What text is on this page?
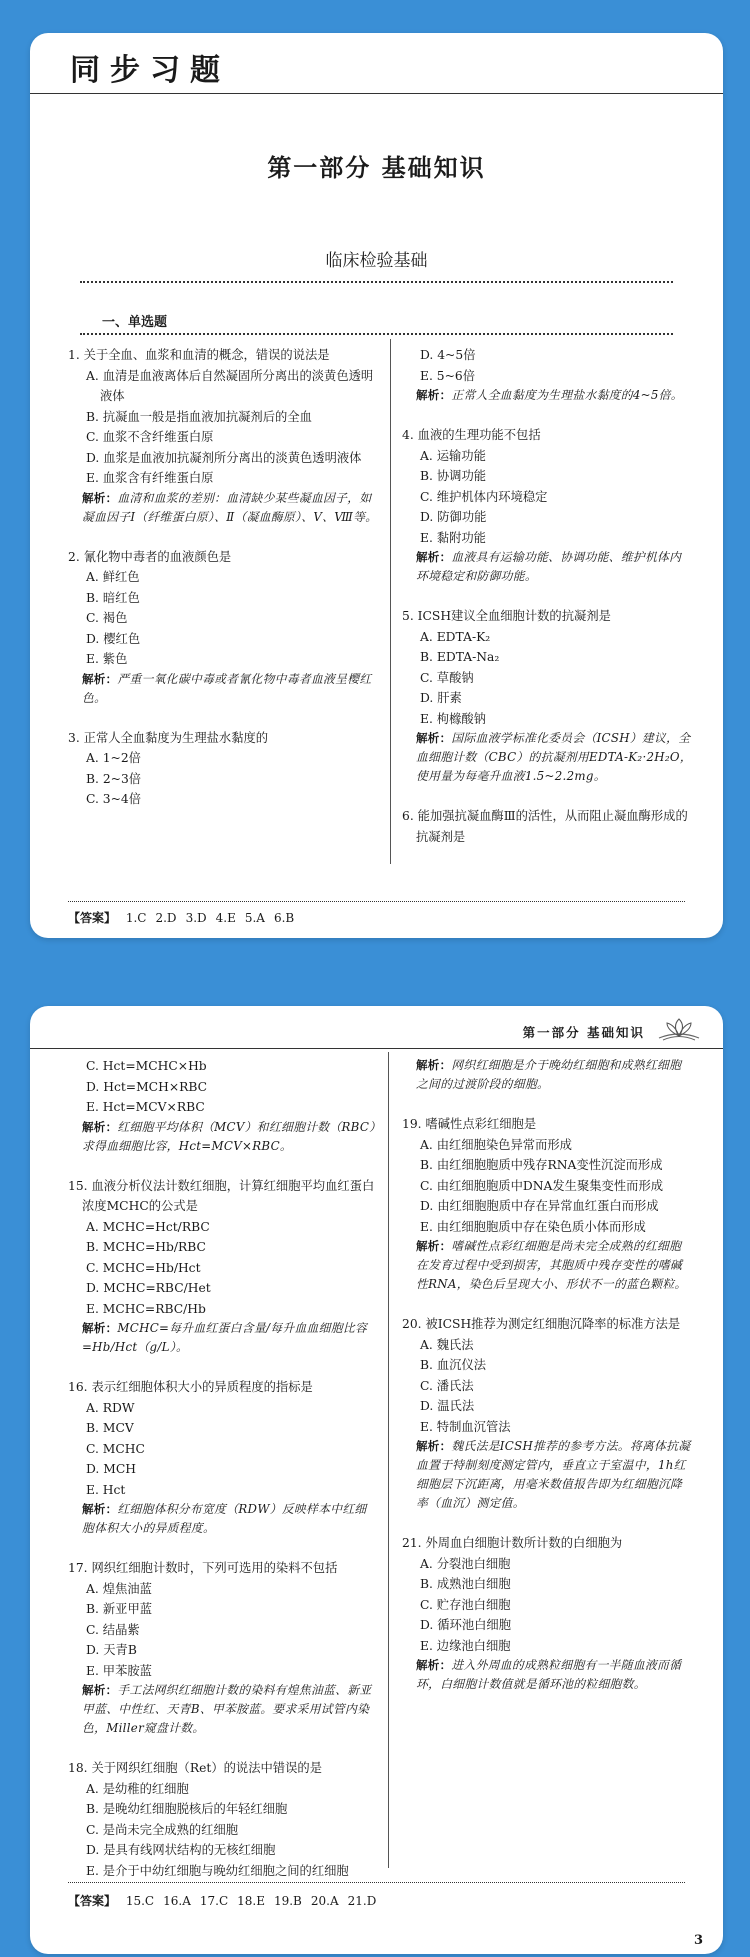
同步习题
第一部分 基础知识
临床检验基础
一、单选题
1. 关于全血、血浆和血清的概念，错误的说法是
A. 血清是血液离体后自然凝固所分离出的淡黄色透明液体
B. 抗凝血一般是指血液加抗凝剂后的全血
C. 血浆不含纤维蛋白原
D. 血浆是血液加抗凝剂所分离出的淡黄色透明液体
E. 血浆含有纤维蛋白原
解析：血清和血浆的差别：血清缺少某些凝血因子，如凝血因子Ⅰ（纤维蛋白原）、Ⅱ（凝血酶原）、Ⅴ、Ⅷ等。
2. 氰化物中毒者的血液颜色是
A. 鲜红色
B. 暗红色
C. 褐色
D. 樱红色
E. 紫色
解析：严重一氧化碳中毒或者氰化物中毒者血液呈樱红色。
3. 正常人全血黏度为生理盐水黏度的
A. 1~2倍
B. 2~3倍
C. 3~4倍
D. 4~5倍
E. 5~6倍
解析：正常人全血黏度为生理盐水黏度的4~5倍。
4. 血液的生理功能不包括
A. 运输功能
B. 协调功能
C. 维护机体内环境稳定
D. 防御功能
E. 黏附功能
解析：血液具有运输功能、协调功能、维护机体内环境稳定和防御功能。
5. ICSH建议全血细胞计数的抗凝剂是
A. EDTA-K₂
B. EDTA-Na₂
C. 草酸钠
D. 肝素
E. 枸橼酸钠
解析：国际血液学标准化委员会（ICSH）建议，全血细胞计数（CBC）的抗凝剂用EDTA-K₂·2H₂O，使用量为每毫升血液1.5~2.2mg。
6. 能加强抗凝血酶Ⅲ的活性，从而阻止凝血酶形成的抗凝剂是
【答案】 1.C 2.D 3.D 4.E 5.A 6.B
第一部分 基础知识
C. Hct=MCHC×Hb
D. Hct=MCH×RBC
E. Hct=MCV×RBC
解析：红细胞平均体积（MCV）和红细胞计数（RBC）求得血细胞比容，Hct=MCV×RBC。
15. 血液分析仪法计数红细胞，计算红细胞平均血红蛋白浓度MCHC的公式是
A. MCHC=Hct/RBC
B. MCHC=Hb/RBC
C. MCHC=Hb/Hct
D. MCHC=RBC/Het
E. MCHC=RBC/Hb
解析：MCHC=每升血红蛋白含量/每升血血细胞比容=Hb/Hct（g/L）。
16. 表示红细胞体积大小的异质程度的指标是
A. RDW
B. MCV
C. MCHC
D. MCH
E. Hct
解析：红细胞体积分布宽度（RDW）反映样本中红细胞体积大小的异质程度。
17. 网织红细胞计数时，下列可选用的染料不包括
A. 煌焦油蓝
B. 新亚甲蓝
C. 结晶紫
D. 天青B
E. 甲苯胺蓝
解析：手工法网织红细胞计数的染料有煌焦油蓝、新亚甲蓝、中性红、天青B、甲苯胺蓝。要求采用试管内染色，Miller窥盘计数。
18. 关于网织红细胞（Ret）的说法中错误的是
A. 是幼稚的红细胞
B. 是晚幼红细胞脱核后的年轻红细胞
C. 是尚未完全成熟的红细胞
D. 是具有线网状结构的无核红细胞
E. 是介于中幼红细胞与晚幼红细胞之间的红细胞
解析：网织红细胞是介于晚幼红细胞和成熟红细胞之间的过渡阶段的细胞。
19. 嗜碱性点彩红细胞是
A. 由红细胞染色异常而形成
B. 由红细胞胞质中残存RNA变性沉淀而形成
C. 由红细胞胞质中DNA发生聚集变性而形成
D. 由红细胞胞质中存在异常血红蛋白而形成
E. 由红细胞胞质中存在染色质小体而形成
解析：嗜碱性点彩红细胞是尚未完全成熟的红细胞在发育过程中受到损害，其胞质中残存变性的嗜碱性RNA，染色后呈现大小、形状不一的蓝色颗粒。
20. 被ICSH推荐为测定红细胞沉降率的标准方法是
A. 魏氏法
B. 血沉仪法
C. 潘氏法
D. 温氏法
E. 特制血沉管法
解析：魏氏法是ICSH推荐的参考方法。将离体抗凝血置于特制刻度测定管内，垂直立于室温中，1h红细胞层下沉距离，用毫米数值报告即为红细胞沉降率（血沉）测定值。
21. 外周血白细胞计数所计数的白细胞为
A. 分裂池白细胞
B. 成熟池白细胞
C. 贮存池白细胞
D. 循环池白细胞
E. 边缘池白细胞
解析：进入外周血的成熟粒细胞有一半随血液而循环，白细胞计数值就是循环池的粒细胞数。
【答案】 15.C 16.A 17.C 18.E 19.B 20.A 21.D
3
